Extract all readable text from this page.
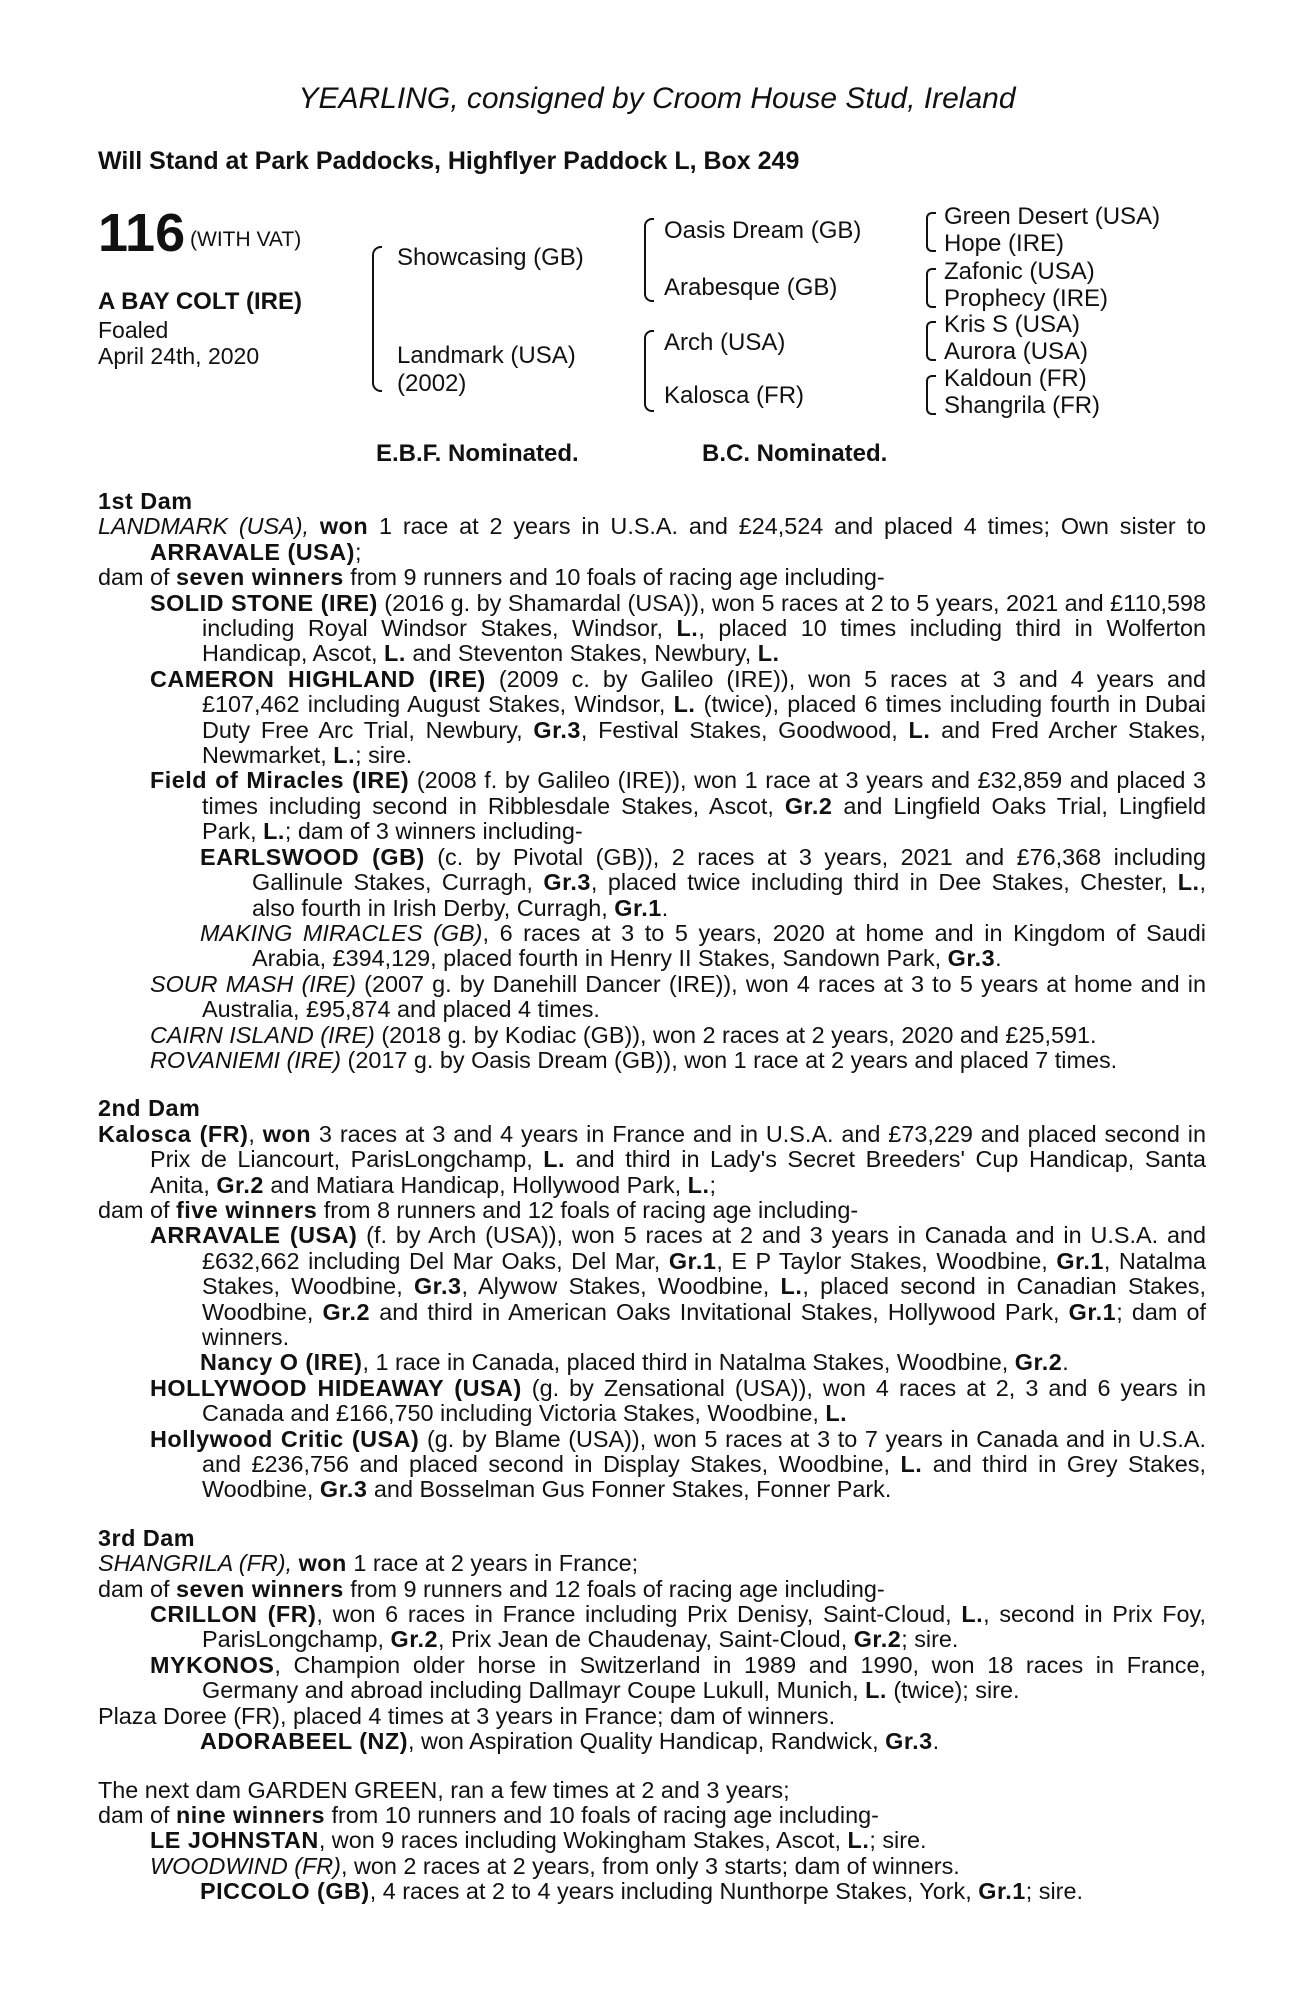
YEARLING, consigned by Croom House Stud, Ireland
Will Stand at Park Paddocks, Highflyer Paddock L, Box 249
116 (WITH VAT)
A BAY COLT (IRE)
Foaled
April 24th, 2020
Showcasing (GB)
Landmark (USA)
(2002)
Oasis Dream (GB)
Arabesque (GB)
Arch (USA)
Kalosca (FR)
Green Desert (USA)
Hope (IRE)
Zafonic (USA)
Prophecy (IRE)
Kris S (USA)
Aurora (USA)
Kaldoun (FR)
Shangrila (FR)
E.B.F. Nominated.	B.C. Nominated.

1st Dam

LANDMARK (USA), won 1 race at 2 years in U.S.A. and £24,524 and placed 4 times; Own sister to ARRAVALE (USA);

dam of seven winners from 9 runners and 10 foals of racing age including-

SOLID STONE (IRE) (2016 g. by Shamardal (USA)), won 5 races at 2 to 5 years, 2021 and £110,598 including Royal Windsor Stakes, Windsor, L., placed 10 times including third in Wolferton Handicap, Ascot, L. and Steventon Stakes, Newbury, L.

CAMERON HIGHLAND (IRE) (2009 c. by Galileo (IRE)), won 5 races at 3 and 4 years and £107,462 including August Stakes, Windsor, L. (twice), placed 6 times including fourth in Dubai Duty Free Arc Trial, Newbury, Gr.3, Festival Stakes, Goodwood, L. and Fred Archer Stakes, Newmarket, L.; sire.

Field of Miracles (IRE) (2008 f. by Galileo (IRE)), won 1 race at 3 years and £32,859 and placed 3 times including second in Ribblesdale Stakes, Ascot, Gr.2 and Lingfield Oaks Trial, Lingfield Park, L.; dam of 3 winners including-

EARLSWOOD (GB) (c. by Pivotal (GB)), 2 races at 3 years, 2021 and £76,368 including Gallinule Stakes, Curragh, Gr.3, placed twice including third in Dee Stakes, Chester, L., also fourth in Irish Derby, Curragh, Gr.1.

MAKING MIRACLES (GB), 6 races at 3 to 5 years, 2020 at home and in Kingdom of Saudi Arabia, £394,129, placed fourth in Henry II Stakes, Sandown Park, Gr.3.

SOUR MASH (IRE) (2007 g. by Danehill Dancer (IRE)), won 4 races at 3 to 5 years at home and in Australia, £95,874 and placed 4 times.

CAIRN ISLAND (IRE) (2018 g. by Kodiac (GB)), won 2 races at 2 years, 2020 and £25,591.

ROVANIEMI (IRE) (2017 g. by Oasis Dream (GB)), won 1 race at 2 years and placed 7 times.

2nd Dam

Kalosca (FR), won 3 races at 3 and 4 years in France and in U.S.A. and £73,229 and placed second in Prix de Liancourt, ParisLongchamp, L. and third in Lady's Secret Breeders' Cup Handicap, Santa Anita, Gr.2 and Matiara Handicap, Hollywood Park, L.;

dam of five winners from 8 runners and 12 foals of racing age including-

ARRAVALE (USA) (f. by Arch (USA)), won 5 races at 2 and 3 years in Canada and in U.S.A. and £632,662 including Del Mar Oaks, Del Mar, Gr.1, E P Taylor Stakes, Woodbine, Gr.1, Natalma Stakes, Woodbine, Gr.3, Alywow Stakes, Woodbine, L., placed second in Canadian Stakes, Woodbine, Gr.2 and third in American Oaks Invitational Stakes, Hollywood Park, Gr.1; dam of winners.

Nancy O (IRE), 1 race in Canada, placed third in Natalma Stakes, Woodbine, Gr.2.

HOLLYWOOD HIDEAWAY (USA) (g. by Zensational (USA)), won 4 races at 2, 3 and 6 years in Canada and £166,750 including Victoria Stakes, Woodbine, L.

Hollywood Critic (USA) (g. by Blame (USA)), won 5 races at 3 to 7 years in Canada and in U.S.A. and £236,756 and placed second in Display Stakes, Woodbine, L. and third in Grey Stakes, Woodbine, Gr.3 and Bosselman Gus Fonner Stakes, Fonner Park.

3rd Dam

SHANGRILA (FR), won 1 race at 2 years in France;

dam of seven winners from 9 runners and 12 foals of racing age including-

CRILLON (FR), won 6 races in France including Prix Denisy, Saint-Cloud, L., second in Prix Foy, ParisLongchamp, Gr.2, Prix Jean de Chaudenay, Saint-Cloud, Gr.2; sire.

MYKONOS, Champion older horse in Switzerland in 1989 and 1990, won 18 races in France, Germany and abroad including Dallmayr Coupe Lukull, Munich, L. (twice); sire.

Plaza Doree (FR), placed 4 times at 3 years in France; dam of winners.

ADORABEEL (NZ), won Aspiration Quality Handicap, Randwick, Gr.3.

The next dam GARDEN GREEN, ran a few times at 2 and 3 years;

dam of nine winners from 10 runners and 10 foals of racing age including-

LE JOHNSTAN, won 9 races including Wokingham Stakes, Ascot, L.; sire.

WOODWIND (FR), won 2 races at 2 years, from only 3 starts; dam of winners.

PICCOLO (GB), 4 races at 2 to 4 years including Nunthorpe Stakes, York, Gr.1; sire.
